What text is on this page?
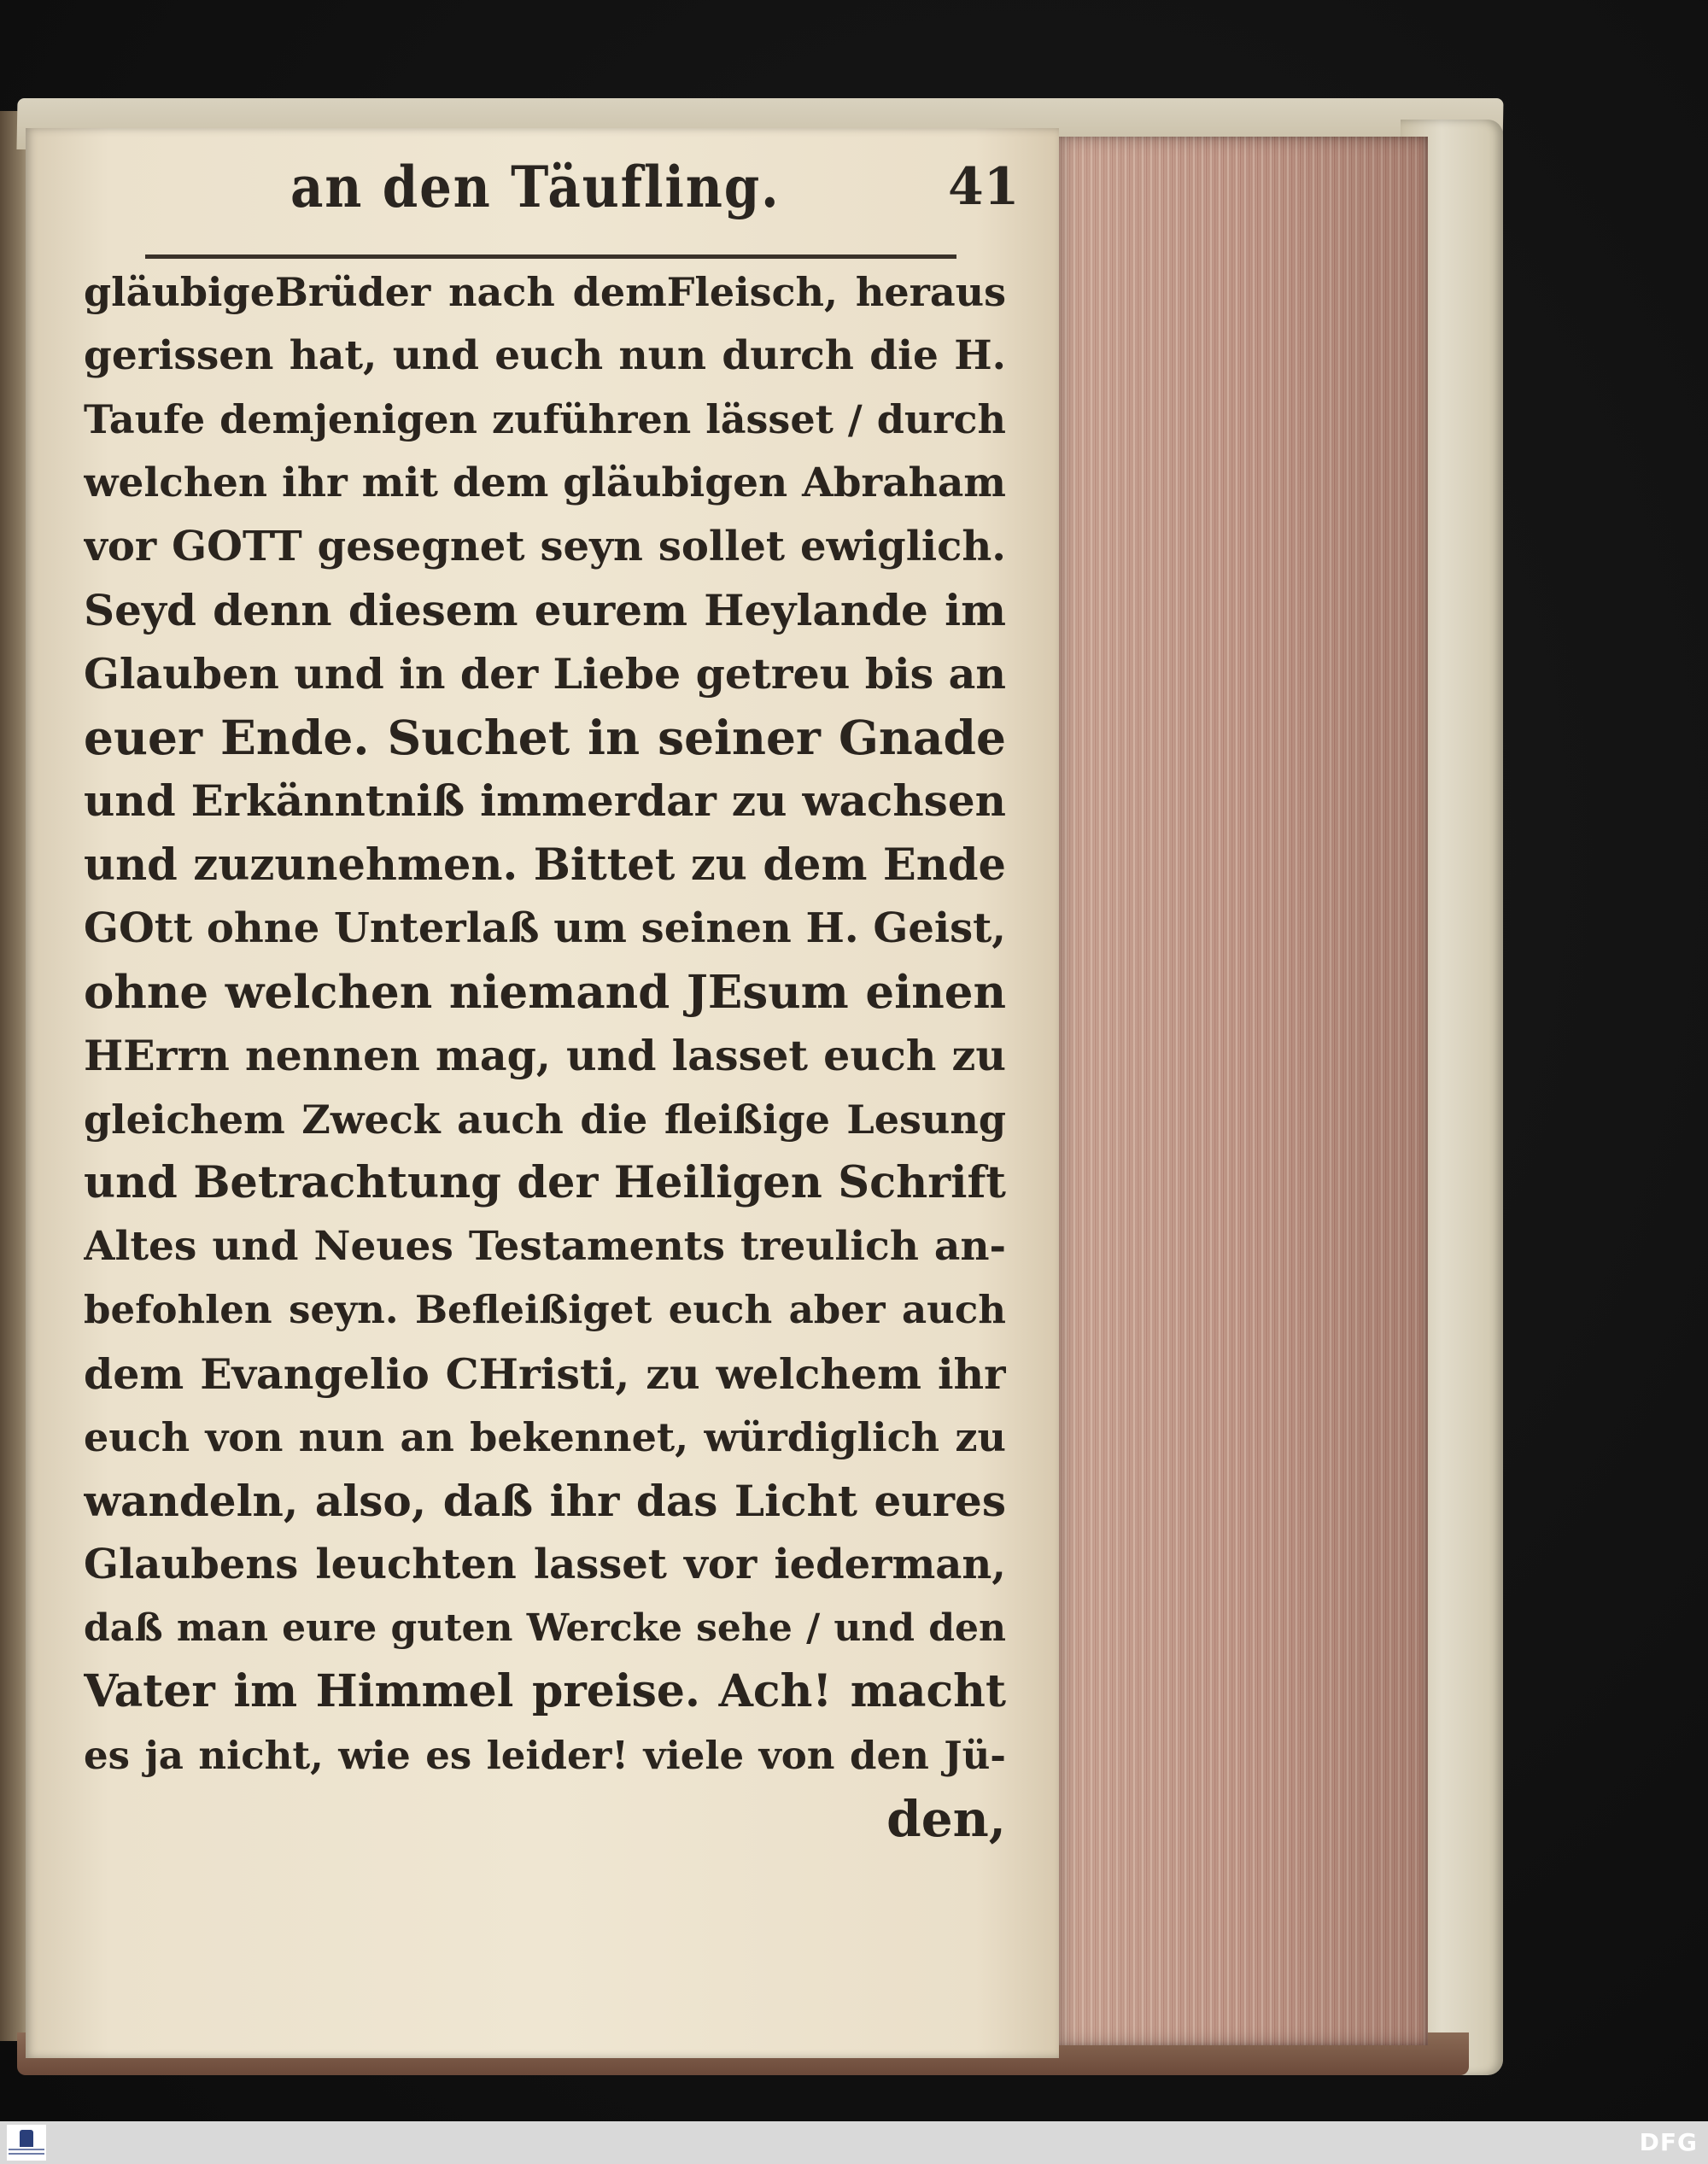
an den Täufling.	41
gläubigeBrüder nach demFleisch, heraus
gerissen hat, und euch nun durch die H.
Taufe demjenigen zuführen lässet / durch
welchen ihr mit dem gläubigen Abraham
vor GOTT gesegnet seyn sollet ewiglich.
Seyd denn diesem eurem Heylande im
Glauben und in der Liebe getreu bis an
euer Ende. Suchet in seiner Gnade
und Erkänntniß immerdar zu wachsen
und zuzunehmen. Bittet zu dem Ende
GOtt ohne Unterlaß um seinen H. Geist,
ohne welchen niemand JEsum einen
HErrn nennen mag, und lasset euch zu
gleichem Zweck auch die fleißige Lesung
und Betrachtung der Heiligen Schrift
Altes und Neues Testaments treulich an-
befohlen seyn. Befleißiget euch aber auch
dem Evangelio CHristi, zu welchem ihr
euch von nun an bekennet, würdiglich zu
wandeln, also, daß ihr das Licht eures
Glaubens leuchten lasset vor iederman,
daß man eure guten Wercke sehe / und den
Vater im Himmel preise. Ach! macht
es ja nicht, wie es leider! viele von den Jü-
den,
DFG
